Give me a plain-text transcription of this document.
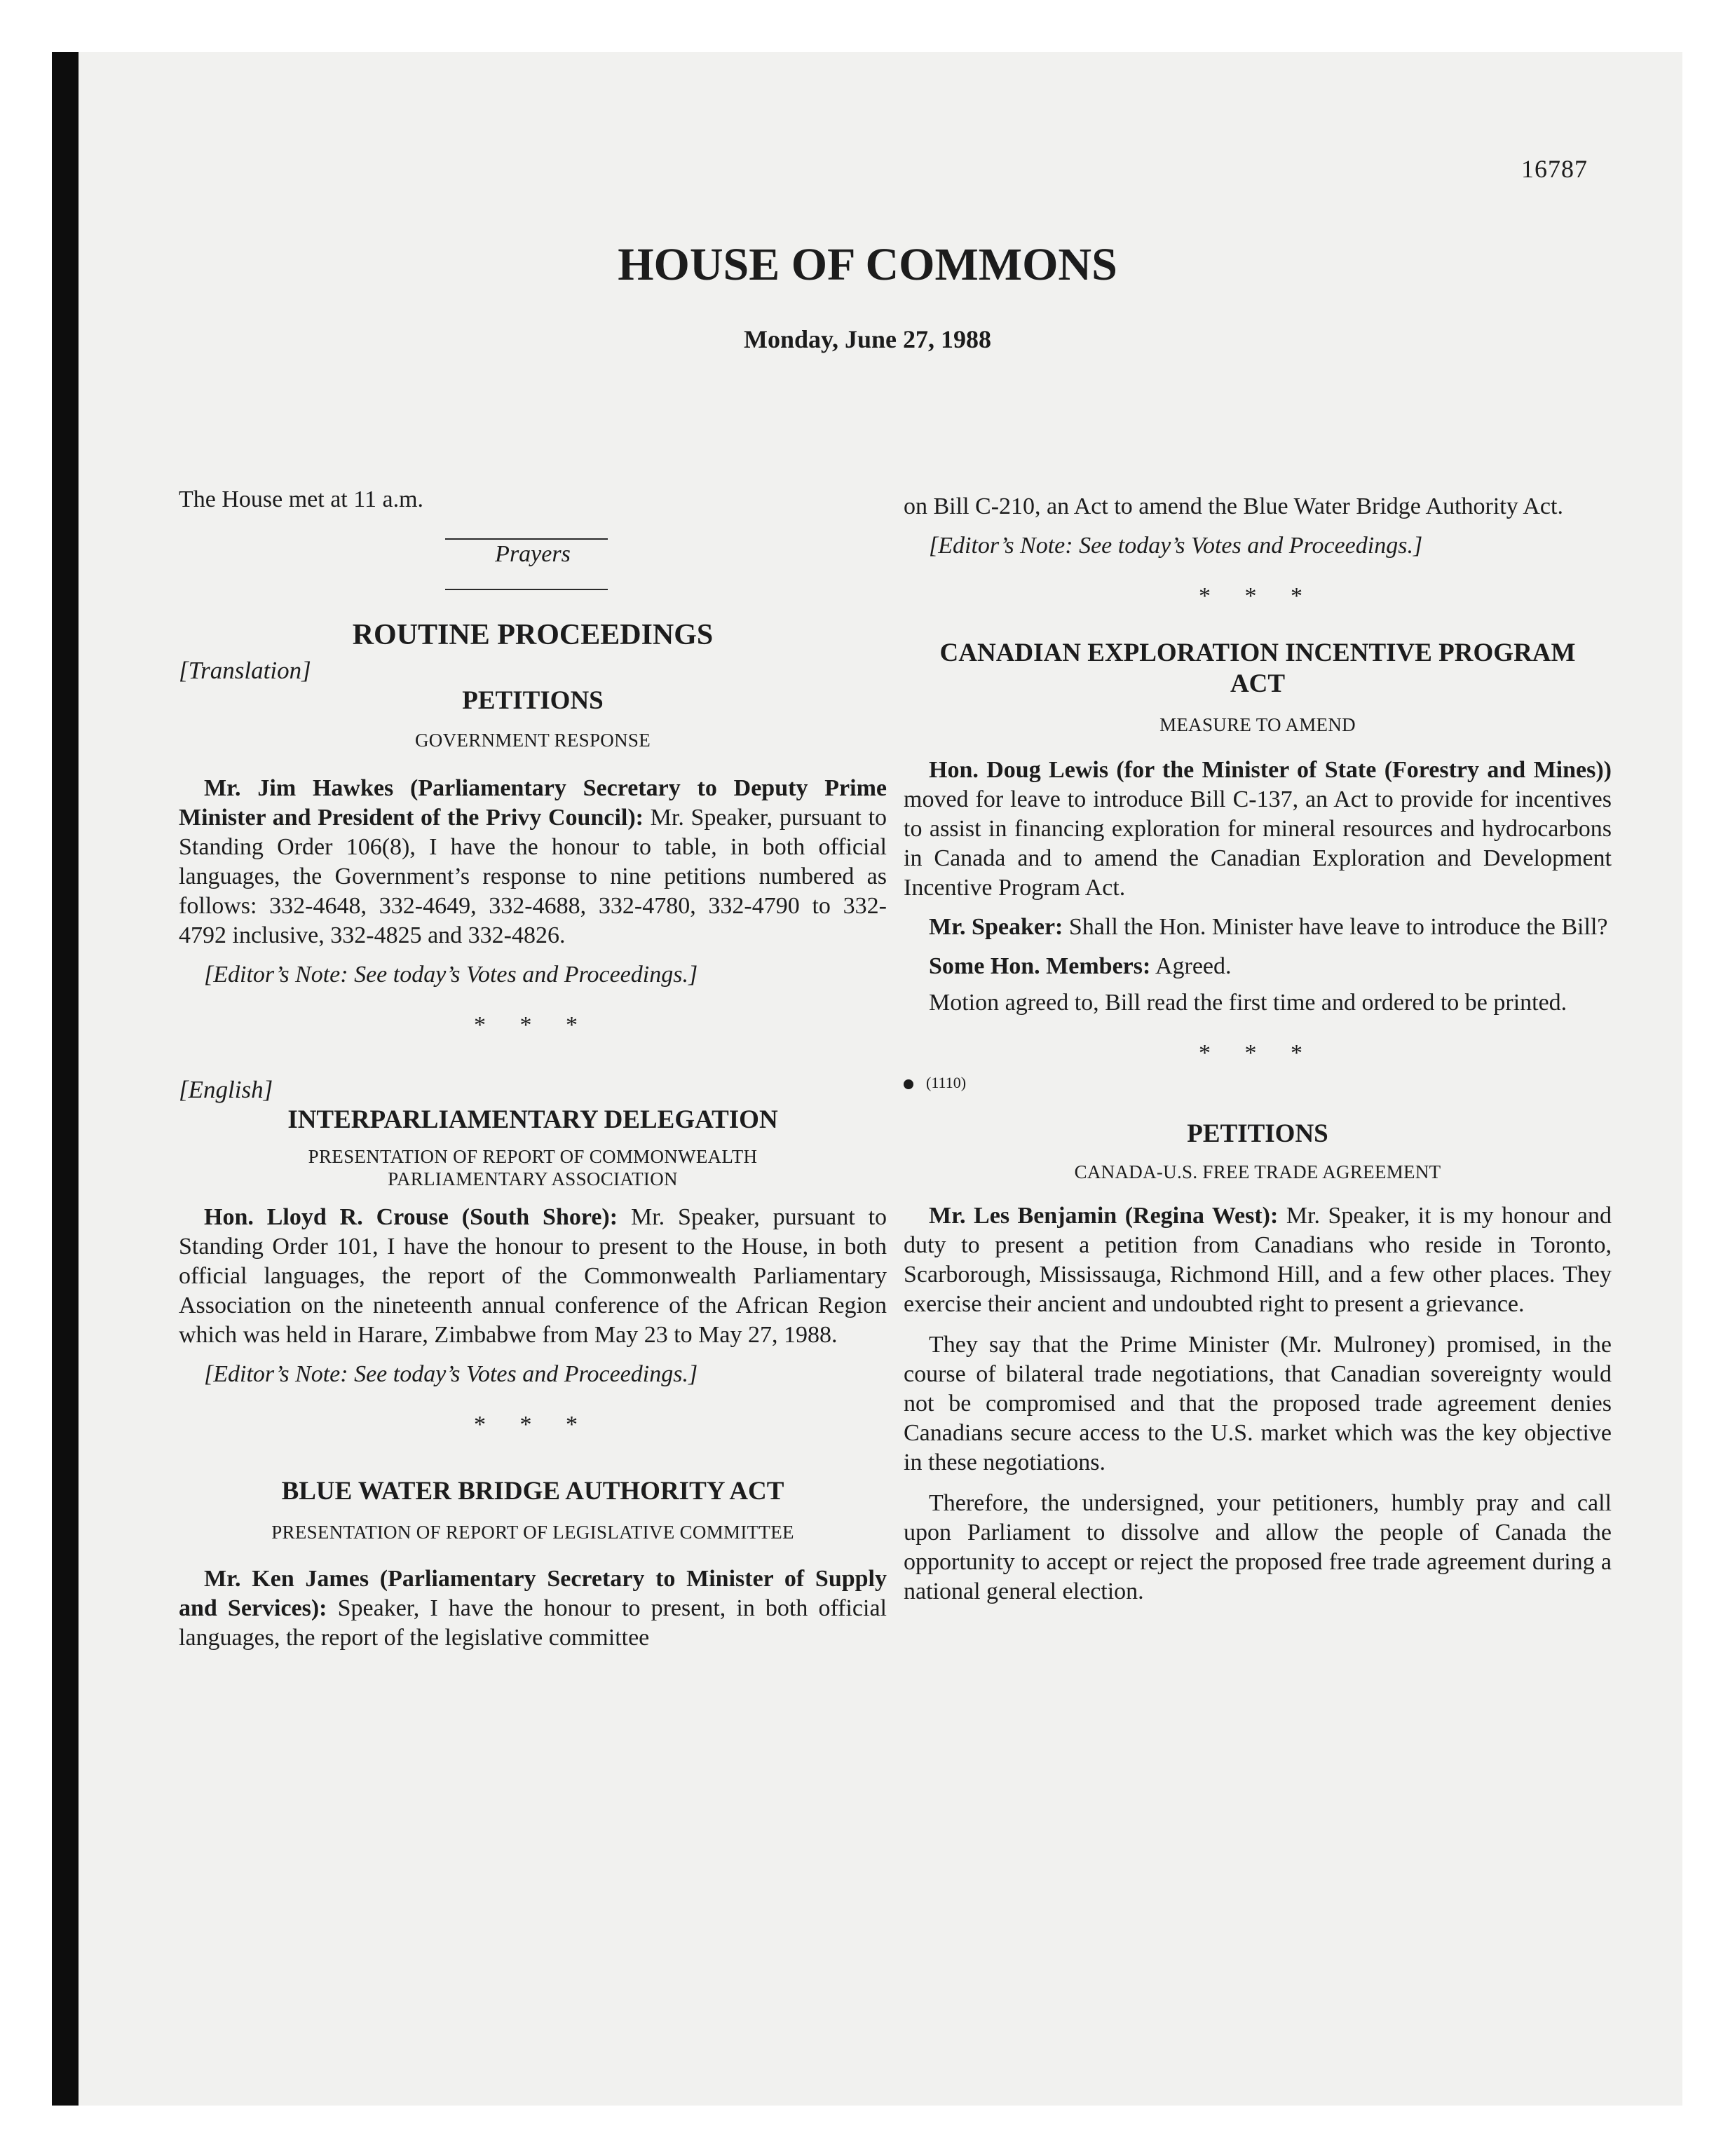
16787
HOUSE OF COMMONS
Monday, June 27, 1988

The House met at 11 a.m.

Prayers

ROUTINE PROCEEDINGS

[Translation]

PETITIONS

GOVERNMENT RESPONSE

Mr. Jim Hawkes (Parliamentary Secretary to Deputy Prime Minister and President of the Privy Council): Mr. Speaker, pursuant to Standing Order 106(8), I have the honour to table, in both official languages, the Government’s response to nine petitions numbered as follows: 332-4648, 332-4649, 332-4688, 332-4780, 332-4790 to 332-4792 inclusive, 332-4825 and 332-4826.

[Editor’s Note: See today’s Votes and Proceedings.]

* * *

[English]

INTERPARLIAMENTARY DELEGATION

PRESENTATION OF REPORT OF COMMONWEALTH PARLIAMENTARY ASSOCIATION

Hon. Lloyd R. Crouse (South Shore): Mr. Speaker, pursuant to Standing Order 101, I have the honour to present to the House, in both official languages, the report of the Commonwealth Parliamentary Association on the nineteenth annual conference of the African Region which was held in Harare, Zimbabwe from May 23 to May 27, 1988.

[Editor’s Note: See today’s Votes and Proceedings.]

* * *

BLUE WATER BRIDGE AUTHORITY ACT

PRESENTATION OF REPORT OF LEGISLATIVE COMMITTEE

Mr. Ken James (Parliamentary Secretary to Minister of Supply and Services): Speaker, I have the honour to present, in both official languages, the report of the legislative committee

on Bill C-210, an Act to amend the Blue Water Bridge Authority Act.

[Editor’s Note: See today’s Votes and Proceedings.]

* * *

CANADIAN EXPLORATION INCENTIVE PROGRAM ACT

MEASURE TO AMEND

Hon. Doug Lewis (for the Minister of State (Forestry and Mines)) moved for leave to introduce Bill C-137, an Act to provide for incentives to assist in financing exploration for mineral resources and hydrocarbons in Canada and to amend the Canadian Exploration and Development Incentive Program Act.

Mr. Speaker: Shall the Hon. Minister have leave to introduce the Bill?

Some Hon. Members: Agreed.

Motion agreed to, Bill read the first time and ordered to be printed.

* * *

(1110)

PETITIONS

CANADA-U.S. FREE TRADE AGREEMENT

Mr. Les Benjamin (Regina West): Mr. Speaker, it is my honour and duty to present a petition from Canadians who reside in Toronto, Scarborough, Mississauga, Richmond Hill, and a few other places. They exercise their ancient and undoubted right to present a grievance.

They say that the Prime Minister (Mr. Mulroney) promised, in the course of bilateral trade negotiations, that Canadian sovereignty would not be compromised and that the proposed trade agreement denies Canadians secure access to the U.S. market which was the key objective in these negotiations.

Therefore, the undersigned, your petitioners, humbly pray and call upon Parliament to dissolve and allow the people of Canada the opportunity to accept or reject the proposed free trade agreement during a national general election.
